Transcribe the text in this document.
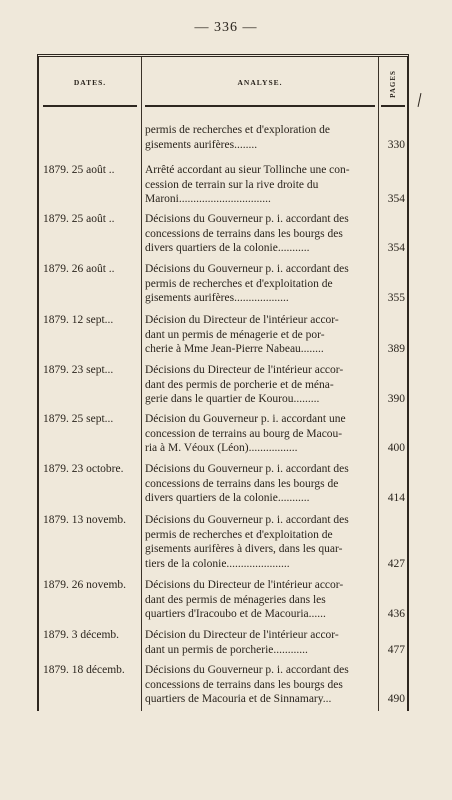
— 336 —
DATES.	ANALYSE.	PAGES
permis de recherches et d'exploration de
gisements aurifères........	330
1879. 25 août ..	Arrêté accordant au sieur Tollinche une con-
cession de terrain sur la rive droite du
Maroni................................	354
1879. 25 août ..	Décisions du Gouverneur p. i. accordant des
concessions de terrains dans les bourgs des
divers quartiers de la colonie...........	354
1879. 26 août ..	Décisions du Gouverneur p. i. accordant des
permis de recherches et d'exploitation de
gisements aurifères...................	355
1879. 12 sept...	Décision du Directeur de l'intérieur accor-
dant un permis de ménagerie et de por-
cherie à Mme Jean-Pierre Nabeau........	389
1879. 23 sept...	Décisions du Directeur de l'intérieur accor-
dant des permis de porcherie et de ména-
gerie dans le quartier de Kourou.........	390
1879. 25 sept...	Décision du Gouverneur p. i. accordant une
concession de terrains au bourg de Macou-
ria à M. Véoux (Léon).................	400
1879. 23 octobre.	Décisions du Gouverneur p. i. accordant des
concessions de terrains dans les bourgs de
divers quartiers de la colonie...........	414
1879. 13 novemb.	Décisions du Gouverneur p. i. accordant des
permis de recherches et d'exploitation de
gisements aurifères à divers, dans les quar-
tiers de la colonie......................	427
1879. 26 novemb.	Décisions du Directeur de l'intérieur accor-
dant des permis de ménageries dans les
quartiers d'Iracoubo et de Macouria......	436
1879. 3 décemb.	Décision du Directeur de l'intérieur accor-
dant un permis de porcherie............	477
1879. 18 décemb.	Décisions du Gouverneur p. i. accordant des
concessions de terrains dans les bourgs des
quartiers de Macouria et de Sinnamary...	490
